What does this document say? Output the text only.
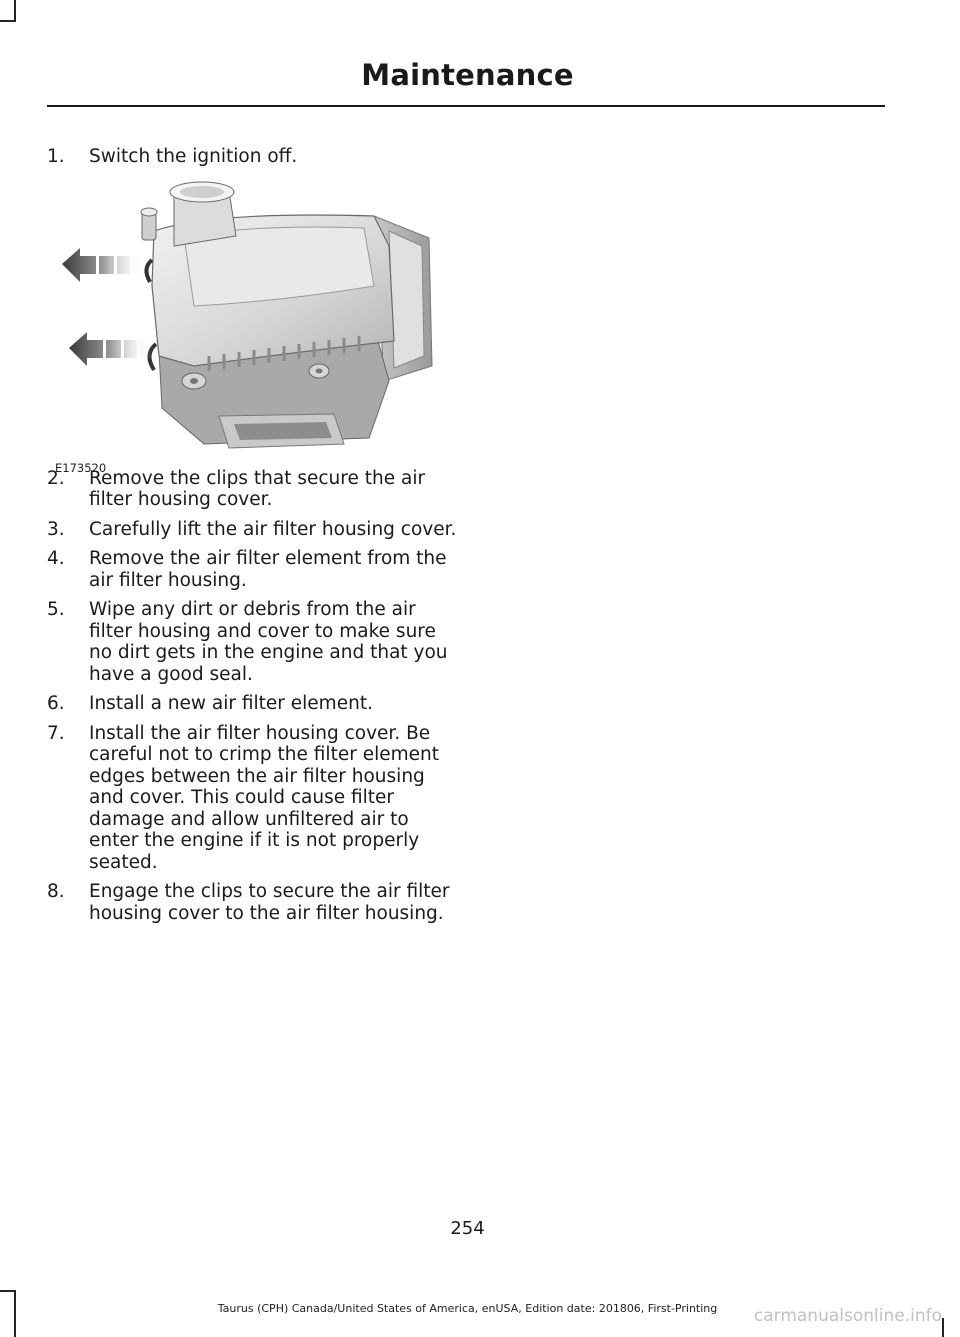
Maintenance
1. Switch the ignition off.
E173520
2. Remove the clips that secure the air filter housing cover.
3. Carefully lift the air filter housing cover.
4. Remove the air filter element from the air filter housing.
5. Wipe any dirt or debris from the air filter housing and cover to make sure no dirt gets in the engine and that you have a good seal.
6. Install a new air filter element.
7. Install the air filter housing cover. Be careful not to crimp the filter element edges between the air filter housing and cover. This could cause filter damage and allow unfiltered air to enter the engine if it is not properly seated.
8. Engage the clips to secure the air filter housing cover to the air filter housing.
254
Taurus (CPH) Canada/United States of America, enUSA, Edition date: 201806, First-Printing	carmanualsonline.info
